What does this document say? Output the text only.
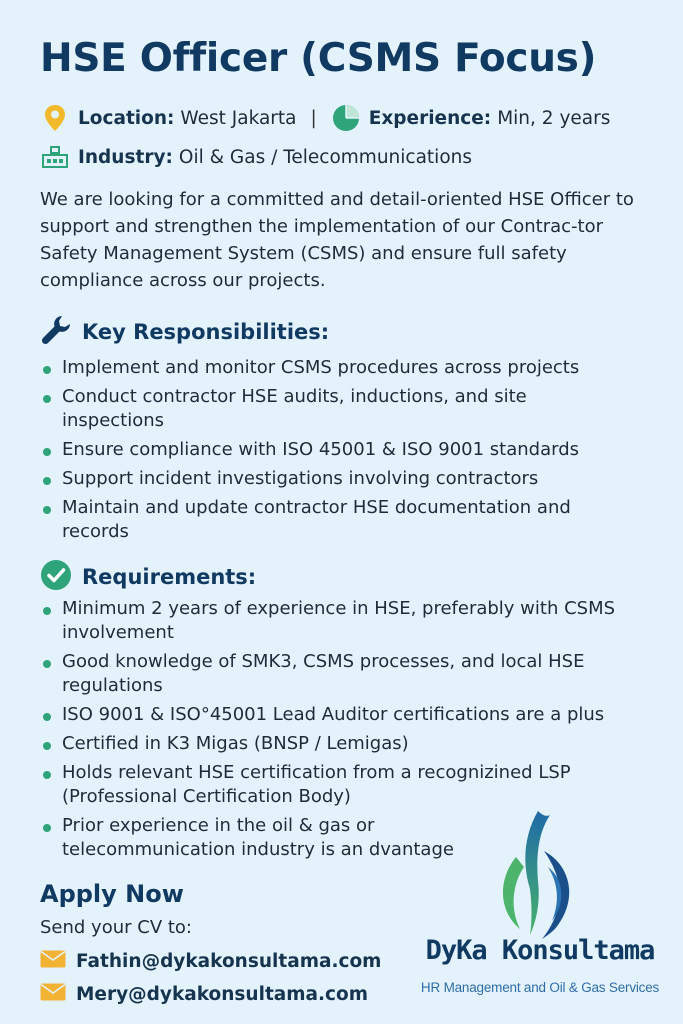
HSE Officer (CSMS Focus)
Location: West Jakarta |	Experience: Min, 2 years
Industry: Oil & Gas / Telecommunications
We are looking for a committed and detail-oriented HSE Officer to support and strengthen the implementation of our Contrac-tor Safety Management System (CSMS) and ensure full safety compliance across our projects.
Key Responsibilities:
Implement and monitor CSMS procedures across projects
Conduct contractor HSE audits, inductions, and site inspections
Ensure compliance with ISO 45001 & ISO 9001 standards
Support incident investigations involving contractors
Maintain and update contractor HSE documentation and records
Requirements:
Minimum 2 years of experience in HSE, preferably with CSMS involvement
Good knowledge of SMK3, CSMS processes, and local HSE regulations
ISO 9001 & ISO°45001 Lead Auditor certifications are a plus
Certified in K3 Migas (BNSP / Lemigas)
Holds relevant HSE certification from a recognizined LSP (Professional Certification Body)
Prior experience in the oil & gas or telecommunication industry is an dvantage
Apply Now
Send your CV to:
Fathin@dykakonsultama.com
Mery@dykakonsultama.com
DyKa Konsultama
HR Management and Oil & Gas Services
